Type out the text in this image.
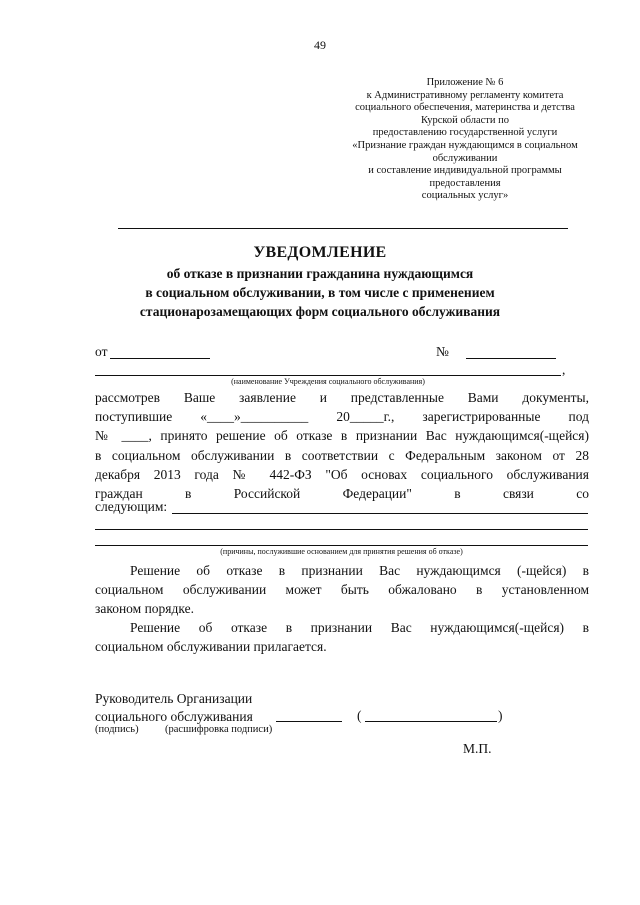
49
Приложение № 6
к Административному регламенту комитета
социального обеспечения, материнства и детства
Курской области по
предоставлению государственной услуги
«Признание граждан нуждающимся в социальном
обслуживании
и составление индивидуальной программы
предоставления
социальных услуг»
УВЕДОМЛЕНИЕ
об отказе в признании гражданина нуждающимся
в социальном обслуживании, в том числе с применением
стационарозамещающих форм социального обслуживания
от	№
,
(наименование Учреждения социального обслуживания)
рассмотрев Ваше заявление и представленные Вами документы,
поступившие «____»__________ 20_____г., зарегистрированные под
№ ____, принято решение об отказе в признании Вас нуждающимся(-щейся)
в социальном обслуживании в соответствии с Федеральным законом от 28
декабря 2013 года № 442-ФЗ "Об основах социального обслуживания
граждан в Российской Федерации" в связи со
следующим:
(причины, послужившие основанием для принятия решения об отказе)
Решение об отказе в признании Вас нуждающимся (-щейся) в
социальном обслуживании может быть обжаловано в установленном
законом порядке.
Решение об отказе в признании Вас нуждающимся(-щейся) в
социальном обслуживании прилагается.
Руководитель Организации
социального обслуживания	(	)
(подпись)	(расшифровка подписи)
М.П.
